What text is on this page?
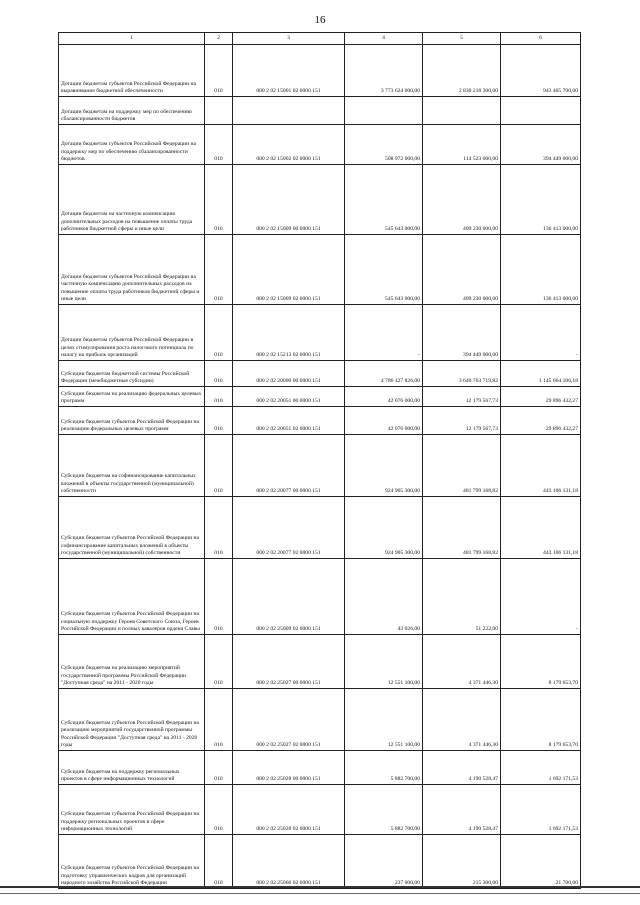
16
1	2	3	4	5	6
Дотации бюджетам субъектов Российской Федерации на выравнивание бюджетной обеспеченности	010	000 2 02 15001 02 0000 151	3 773 624 000,00	2 830 218 300,00	943 405 700,00
Дотации бюджетам на поддержку мер по обеспечению сбалансированности бюджетов					
Дотации бюджетам субъектов Российской Федерации на поддержку мер по обеспечению сбалансированности бюджетов	010	000 2 02 15002 02 0000 151	508 972 000,00	114 523 000,00	394 449 000,00
Дотации бюджетам на частичную компенсацию дополнительных расходов на повышение оплаты труда работников бюджетной сферы и иные цели	010	000 2 02 15009 00 0000 151	545 643 000,00	409 230 000,00	136 413 000,00
Дотации бюджетам субъектов Российской Федерации на частичную компенсацию дополнительных расходов на повышение оплаты труда работников бюджетной сферы и иные цели	010	000 2 02 15009 02 0000 151	545 643 000,00	409 230 000,00	136 413 000,00
Дотации бюджетам субъектов Российской Федерации в целях стимулирования роста налогового потенциала по налогу на прибыль организаций	010	000 2 02 15213 02 0000 151	-	394 449 000,00	-
Субсидии бюджетам бюджетной системы Российской Федерации (межбюджетные субсидии)	010	000 2 02 20000 00 0000 151	4 786 427 826,00	3 640 763 719,82	1 145 664 106,18
Субсидии бюджетам на реализацию федеральных целевых программ	010	000 2 02 20051 00 0000 151	42 076 000,00	12 179 567,73	29 896 432,27
Субсидии бюджетам субъектов Российской Федерации на реализацию федеральных целевых программ	010	000 2 02 20051 02 0000 151	42 076 000,00	12 179 567,73	29 896 432,27
Субсидии бюджетам на софинансирование капитальных вложений в объекты государственной (муниципальной) собственности	010	000 2 02 20077 00 0000 151	924 905 300,00	481 799 168,82	443 106 131,18
Субсидии бюджетам субъектов Российской Федерации на софинансирование капитальных вложений в объекты государственной (муниципальной) собственности	010	000 2 02 20077 02 0000 151	924 905 300,00	481 799 168,82	443 106 131,18
Субсидии бюджетам субъектов Российской Федерации на социальную поддержку Героев Советского Союза, Героев Российской Федерации и полных кавалеров ордена Славы	010	000 2 02 25009 02 0000 151	43 026,00	51 222,00	-
Субсидии бюджетам на реализацию мероприятий государственной программы Российской Федерации "Доступная среда" на 2011 - 2020 годы	010	000 2 02 25027 00 0000 151	12 551 100,00	4 371 446,30	8 179 653,70
Субсидии бюджетам субъектов Российской Федерации на реализацию мероприятий государственной программы Российской Федерации "Доступная среда" на 2011 - 2020 годы	010	000 2 02 25027 02 0000 151	12 551 100,00	4 371 446,30	8 179 653,70
Субсидии бюджетам на поддержку региональных проектов в сфере информационных технологий	010	000 2 02 25028 00 0000 151	5 882 700,00	4 190 528,47	1 692 171,53
Субсидии бюджетам субъектов Российской Федерации на поддержку региональных проектов в сфере информационных технологий	010	000 2 02 25028 02 0000 151	5 882 700,00	4 190 528,47	1 692 171,53
Субсидии бюджетам субъектов Российской Федерации на подготовку управленческих кадров для организаций народного хозяйства Российской Федерации	010	000 2 02 25066 02 0000 151	237 000,00	215 300,00	21 700,00
